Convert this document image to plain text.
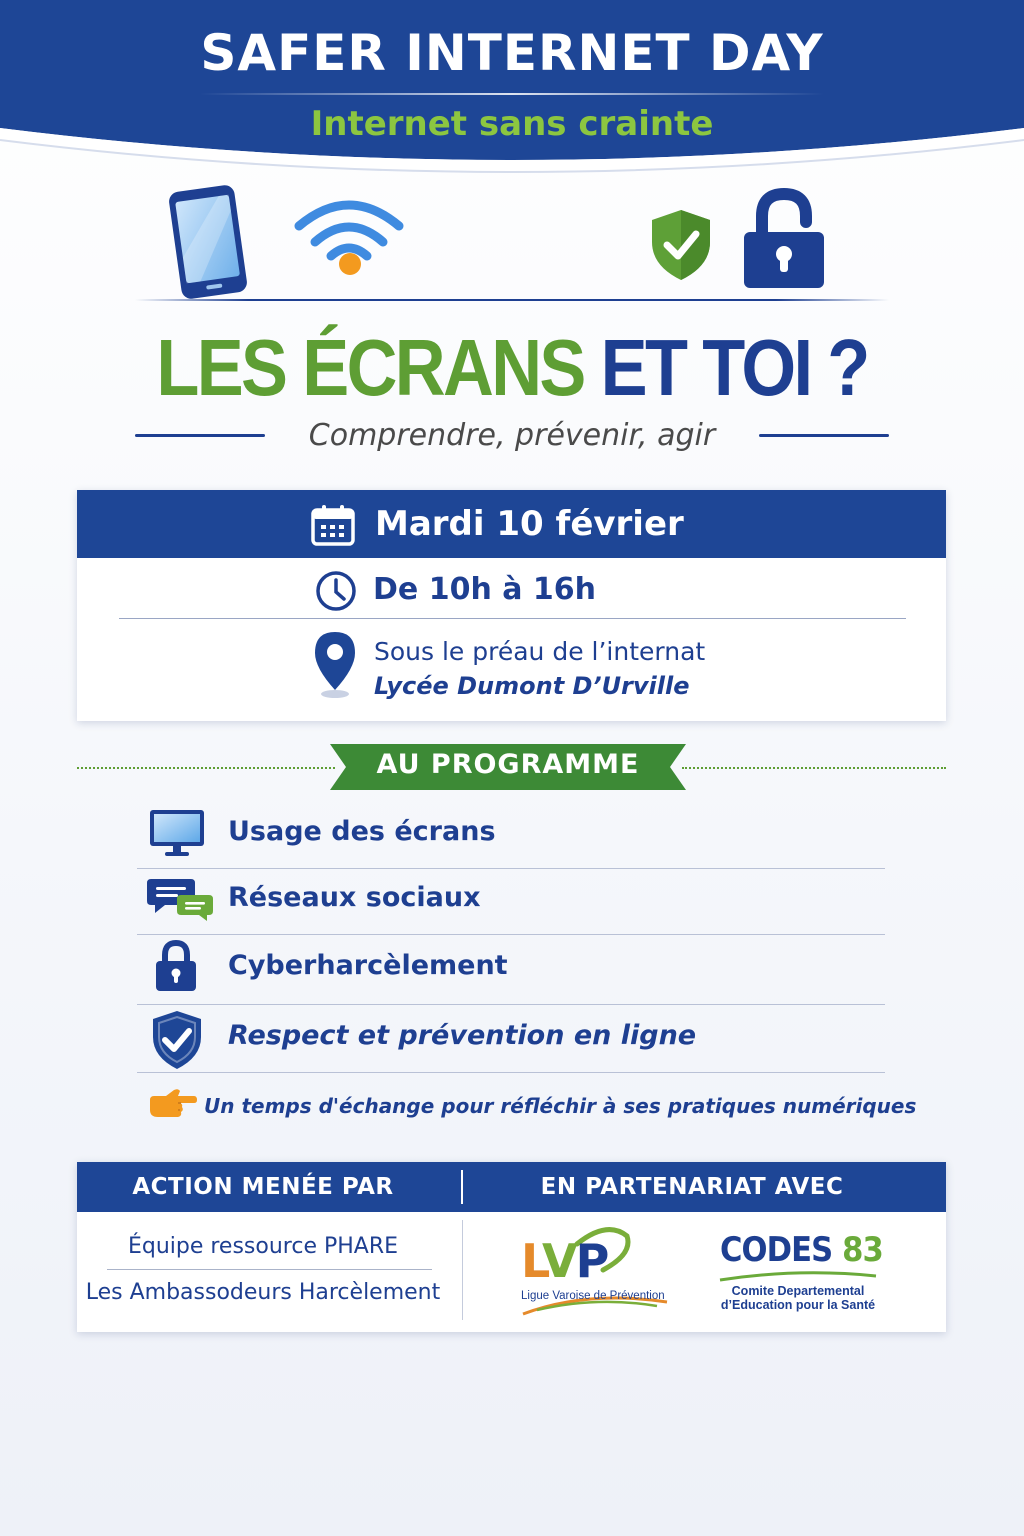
SAFER INTERNET DAY
Internet sans crainte
LES ÉCRANS ET TOI ?
Comprendre, prévenir, agir
Mardi 10 février
De 10h à 16h
Sous le préau de l’internat
Lycée Dumont D’Urville
AU PROGRAMME
Usage des écrans
Réseaux sociaux
Cyberharcèlement
Respect et prévention en ligne
Un temps d'échange pour réfléchir à ses pratiques numériques
ACTION MENÉE PAR	EN PARTENARIAT AVEC
Équipe ressource PHARE
Les Ambassodeurs Harcèlement
LVP
Ligue Varoise de Prévention
CODES 83
Comite Departemental
d’Education pour la Santé
